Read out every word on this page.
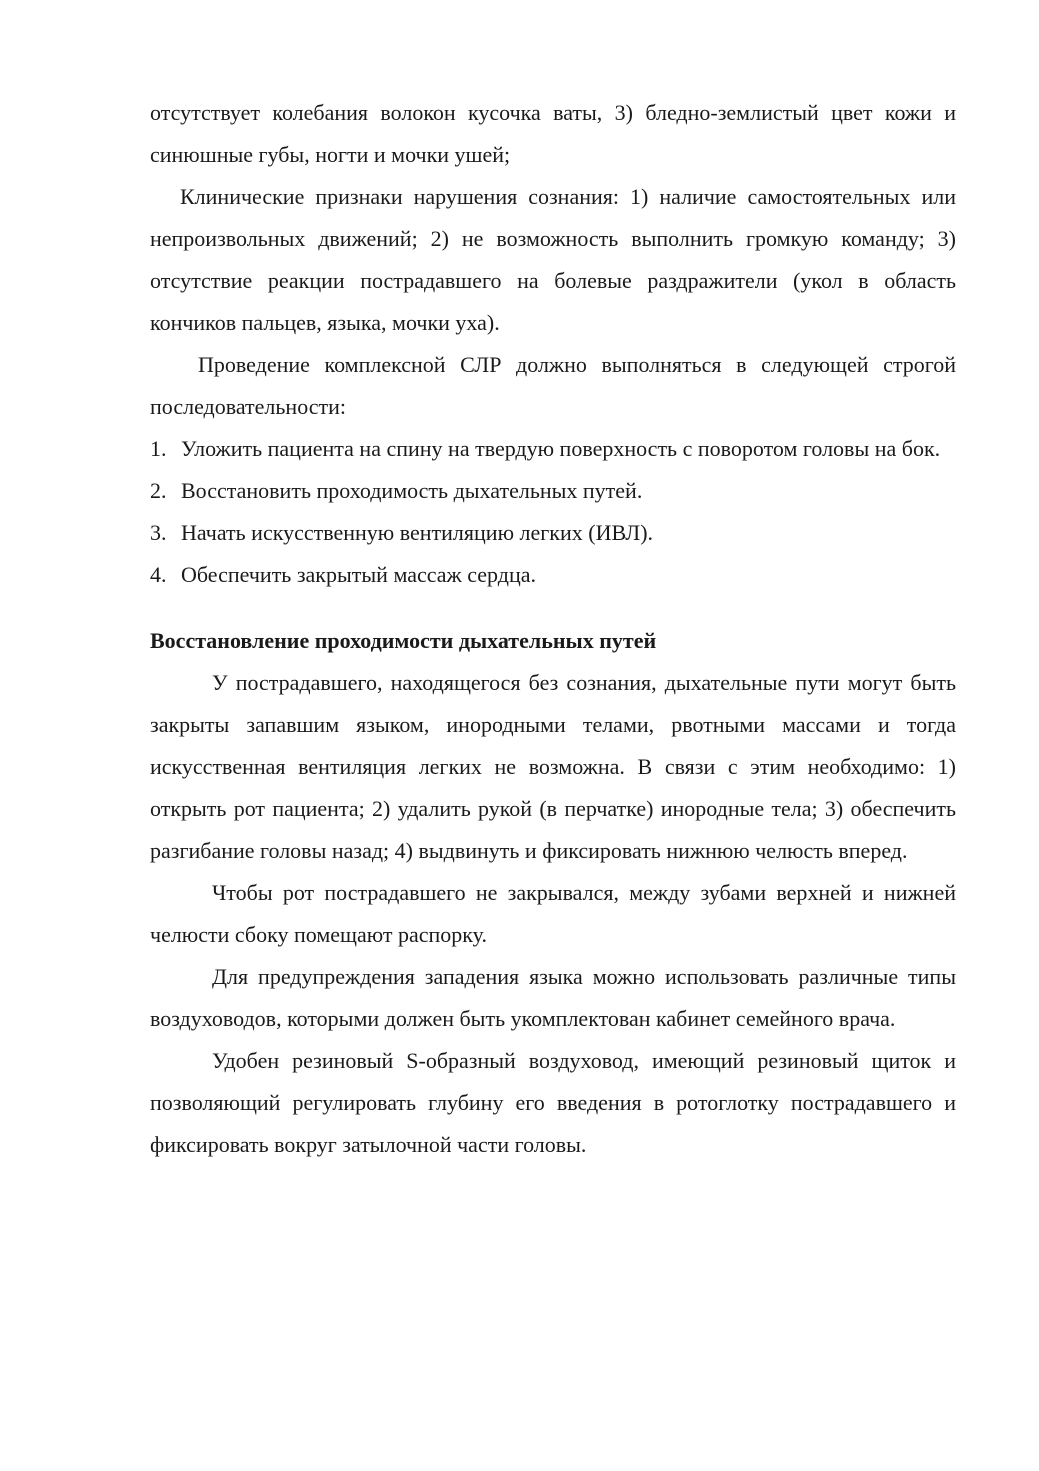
отсутствует колебания волокон кусочка ваты, 3) бледно-землистый цвет кожи и синюшные губы, ногти и мочки ушей;

Клинические признаки нарушения сознания: 1) наличие самостоятельных или непроизвольных движений; 2) не возможность выполнить громкую команду; 3) отсутствие реакции пострадавшего на болевые раздражители (укол в область кончиков пальцев, языка, мочки уха).

Проведение комплексной СЛР должно выполняться в следующей строгой последовательности:

1. Уложить пациента на спину на твердую поверхность с поворотом головы на бок.
2. Восстановить проходимость дыхательных путей.
3. Начать искусственную вентиляцию легких (ИВЛ).
4. Обеспечить закрытый массаж сердца.

Восстановление проходимости дыхательных путей

У пострадавшего, находящегося без сознания, дыхательные пути могут быть закрыты запавшим языком, инородными телами, рвотными массами и тогда искусственная вентиляция легких не возможна. В связи с этим необходимо: 1) открыть рот пациента; 2) удалить рукой (в перчатке) инородные тела; 3) обеспечить разгибание головы назад; 4) выдвинуть и фиксировать нижнюю челюсть вперед.

Чтобы рот пострадавшего не закрывался, между зубами верхней и нижней челюсти сбоку помещают распорку.

Для предупреждения западения языка можно использовать различные типы воздуховодов, которыми должен быть укомплектован кабинет семейного врача.

Удобен резиновый S-образный воздуховод, имеющий резиновый щиток и позволяющий регулировать глубину его введения в ротоглотку пострадавшего и фиксировать вокруг затылочной части головы.
